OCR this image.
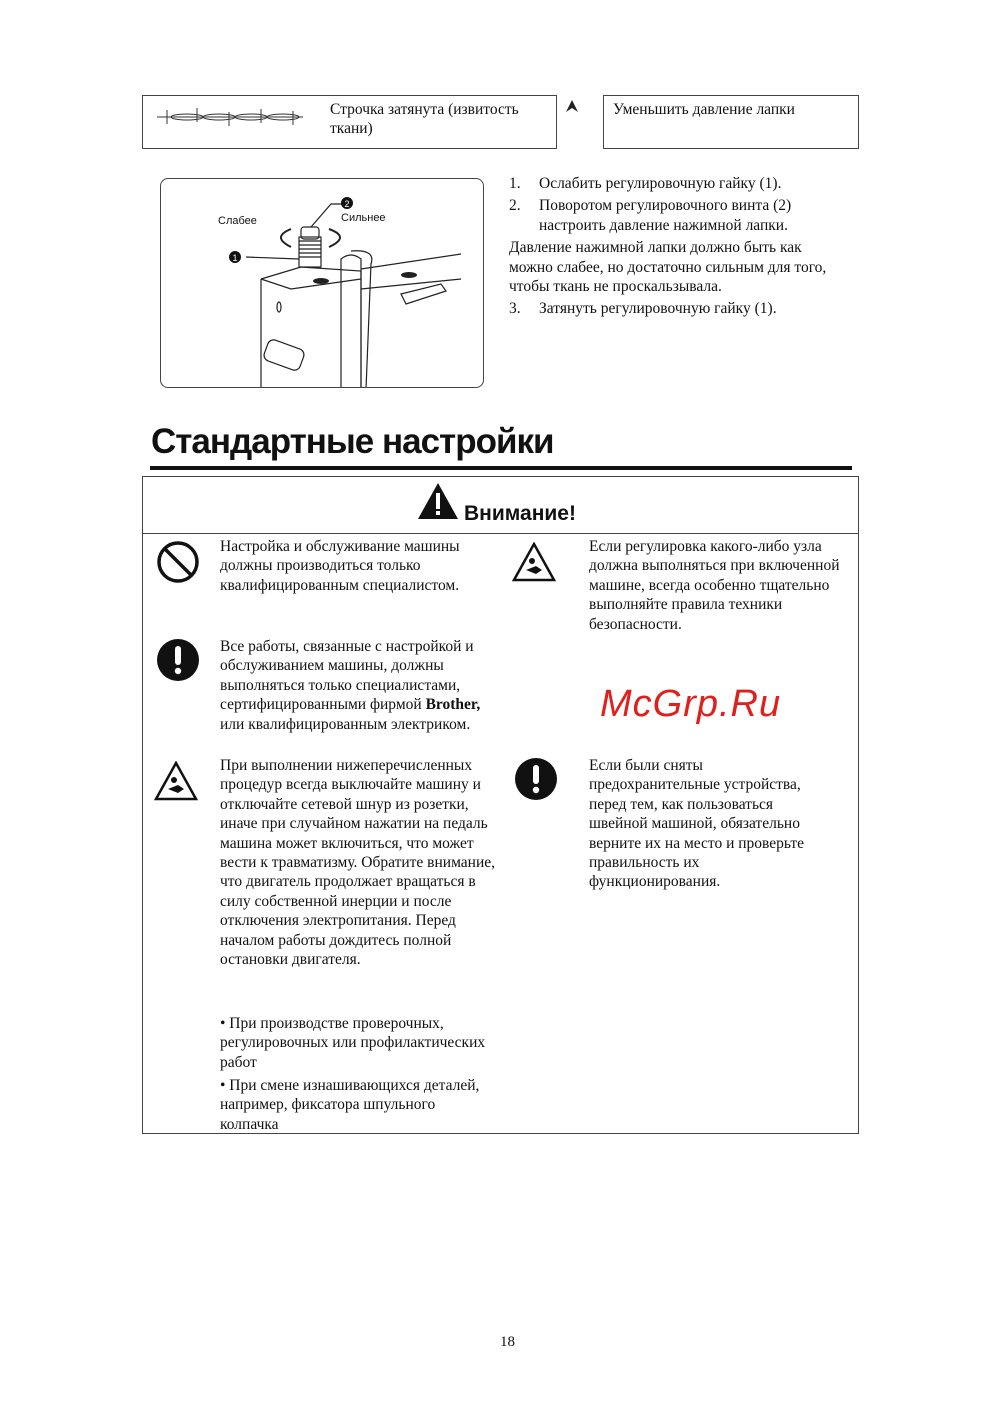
Строчка затянута (извитость ткани)
Уменьшить давление лапки
2
1
Слабее	Сильнее
1.	Ослабить регулировочную гайку (1).
2.	Поворотом регулировочного винта (2) настроить давление нажимной лапки.
Давление нажимной лапки должно быть как можно слабее, но достаточно сильным для того, чтобы ткань не проскальзывала.
3.	Затянуть регулировочную гайку (1).
Стандартные настройки
Внимание!
Настройка и обслуживание машины должны производиться только квалифицированным специалистом.
Все работы, связанные с настройкой и обслуживанием машины, должны выполняться только специалистами, сертифицированными фирмой Brother, или квалифицированным электриком.
При выполнении нижеперечисленных процедур всегда выключайте машину и отключайте сетевой шнур из розетки, иначе при случайном нажатии на педаль машина может включиться, что может вести к травматизму. Обратите внимание, что двигатель продолжает вращаться в силу собственной инерции и после отключения электропитания. Перед началом работы дождитесь полной остановки двигателя.
• При производстве проверочных, регулировочных или профилактических работ
• При смене изнашивающихся деталей, например, фиксатора шпульного колпачка
Если регулировка какого-либо узла должна выполняться при включенной машине, всегда особенно тщательно выполняйте правила техники безопасности.
Если были сняты предохранительные устройства, перед тем, как пользоваться швейной машиной, обязательно верните их на место и проверьте правильность их функционирования.
McGrp.Ru
18
